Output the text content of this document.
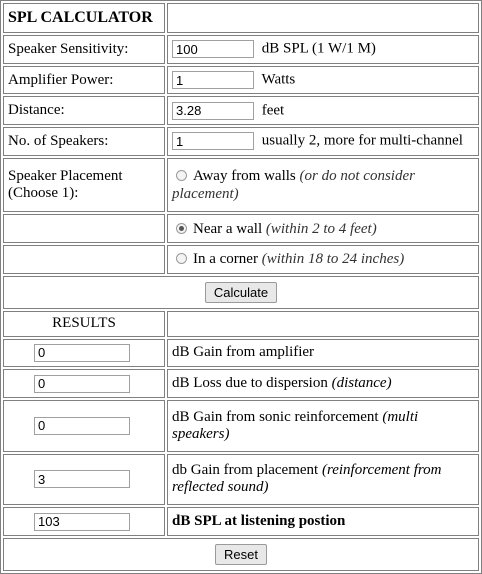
SPL CALCULATOR	
Speaker Sensitivity:	100dB SPL (1 W/1 M)
Amplifier Power:	1Watts
Distance:	3.28feet
No. of Speakers:	1usually 2, more for multi-channel
Speaker Placement
(Choose 1):	Away from walls (or do not consider placement)
	Near a wall (within 2 to 4 feet)
	In a corner (within 18 to 24 inches)
Calculate	
RESULTS	
0	dB Gain from amplifier
0	dB Loss due to dispersion (distance)
0	dB Gain from sonic reinforcement (multi speakers)
3	db Gain from placement (reinforcement from reflected sound)
103	dB SPL at listening postion
Reset	
